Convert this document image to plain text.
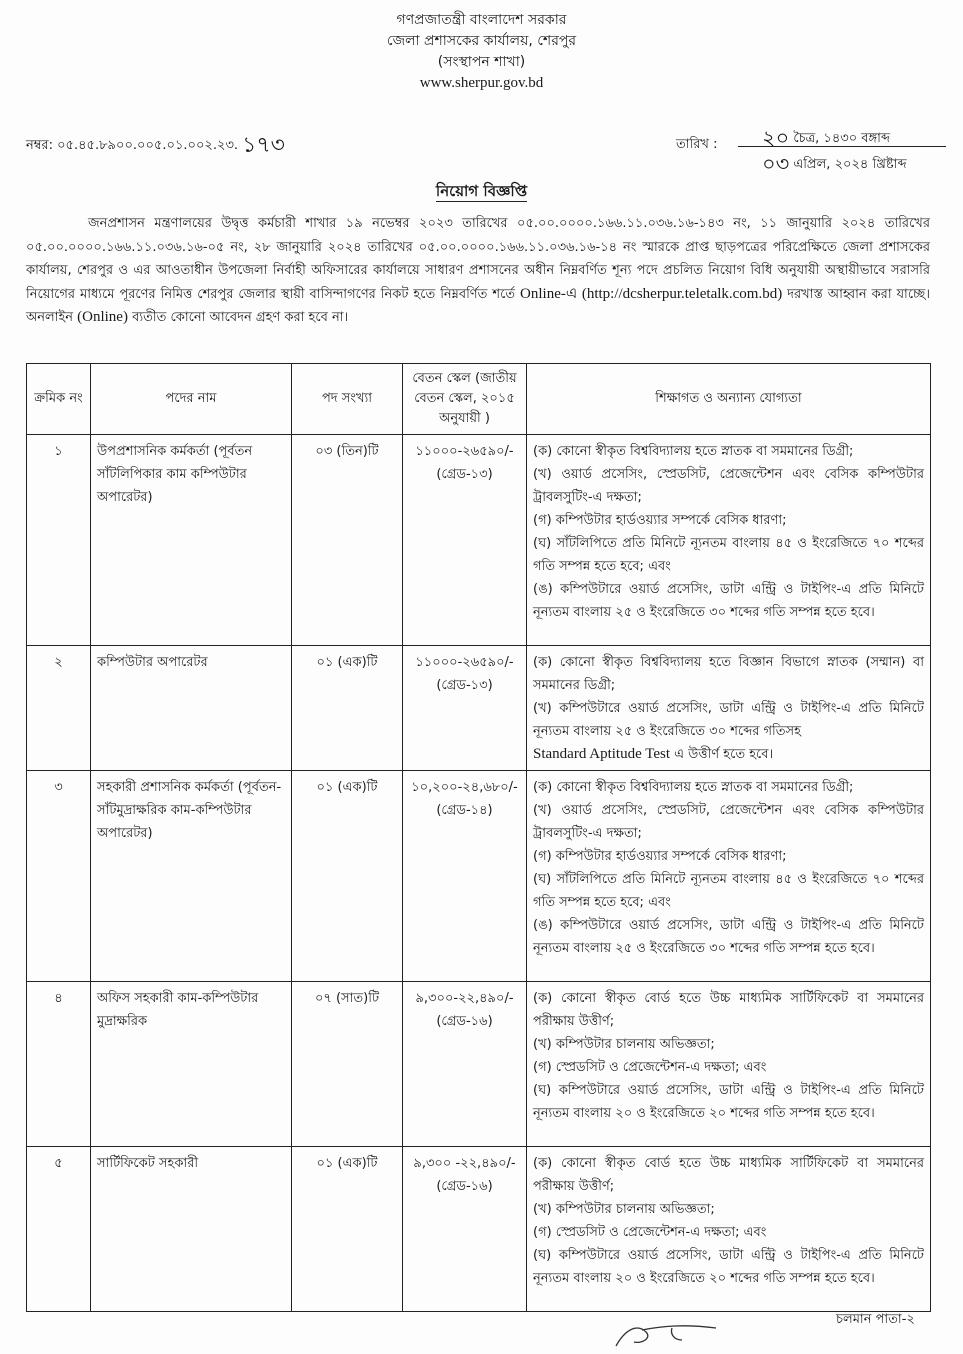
গণপ্রজাতন্ত্রী বাংলাদেশ সরকার
জেলা প্রশাসকের কার্যালয়, শেরপুর
(সংস্থাপন শাখা)
www.sherpur.gov.bd
নম্বর: ০৫.৪৫.৮৯০০.০০৫.০১.০০২.২৩. ১৭৩	তারিখ : ২০ চৈত্র, ১৪৩০ বঙ্গাব্দ
০৩ এপ্রিল, ২০২৪ খ্রিষ্টাব্দ
নিয়োগ বিজ্ঞপ্তি
জনপ্রশাসন মন্ত্রণালয়ের উদ্বৃত্ত কর্মচারী শাখার ১৯ নভেম্বর ২০২৩ তারিখের ০৫.০০.০০০০.১৬৬.১১.০৩৬.১৬-১৪৩ নং, ১১ জানুয়ারি ২০২৪ তারিখের ০৫.০০.০০০০.১৬৬.১১.০৩৬.১৬-০৫ নং, ২৮ জানুয়ারি ২০২৪ তারিখের ০৫.০০.০০০০.১৬৬.১১.০৩৬.১৬-১৪ নং স্মারকে প্রাপ্ত ছাড়পত্রের পরিপ্রেক্ষিতে জেলা প্রশাসকের কার্যালয়, শেরপুর ও এর আওতাধীন উপজেলা নির্বাহী অফিসারের কার্যালয়ে সাধারণ প্রশাসনের অধীন নিম্নবর্ণিত শূন্য পদে প্রচলিত নিয়োগ বিধি অনুযায়ী অস্থায়ীভাবে সরাসরি নিয়োগের মাধ্যমে পূরণের নিমিত্ত শেরপুর জেলার স্থায়ী বাসিন্দাগণের নিকট হতে নিম্নবর্ণিত শর্তে Online-এ (http://dcsherpur.teletalk.com.bd) দরখাস্ত আহ্বান করা যাচ্ছে। অনলাইন (Online) ব্যতীত কোনো আবেদন গ্রহণ করা হবে না।
ক্রমিক নং	পদের নাম	পদ সংখ্যা	বেতন স্কেল (জাতীয় বেতন স্কেল, ২০১৫ অনুযায়ী )	শিক্ষাগত ও অন্যান্য যোগ্যতা
১	উপপ্রশাসনিক কর্মকর্তা (পূর্বতন সাঁটলিপিকার কাম কম্পিউটার অপারেটর)	০৩ (তিন)টি	১১০০০-২৬৫৯০/-
(গ্রেড-১৩)	(ক) কোনো স্বীকৃত বিশ্ববিদ্যালয় হতে স্নাতক বা সমমানের ডিগ্রী;
(খ) ওয়ার্ড প্রসেসিং, স্প্রেডসিট, প্রেজেন্টেশন এবং বেসিক কম্পিউটার ট্রাবলসুটিং-এ দক্ষতা;
(গ) কম্পিউটার হার্ডওয়্যার সম্পর্কে বেসিক ধারণা;
(ঘ) সাঁটলিপিতে প্রতি মিনিটে ন্যূনতম বাংলায় ৪৫ ও ইংরেজিতে ৭০ শব্দের গতি সম্পন্ন হতে হবে; এবং
(ঙ) কম্পিউটারে ওয়ার্ড প্রসেসিং, ডাটা এন্ট্রি ও টাইপিং-এ প্রতি মিনিটে নূন্যতম বাংলায় ২৫ ও ইংরেজিতে ৩০ শব্দের গতি সম্পন্ন হতে হবে।

২	কম্পিউটার অপারেটর	০১ (এক)টি	১১০০০-২৬৫৯০/-
(গ্রেড-১৩)	(ক) কোনো স্বীকৃত বিশ্ববিদ্যালয় হতে বিজ্ঞান বিভাগে স্নাতক (সম্মান) বা সমমানের ডিগ্রী;
(খ) কম্পিউটারে ওয়ার্ড প্রসেসিং, ডাটা এন্ট্রি ও টাইপিং-এ প্রতি মিনিটে নূন্যতম বাংলায় ২৫ ও ইংরেজিতে ৩০ শব্দের গতিসহ
Standard Aptitude Test এ উত্তীর্ণ হতে হবে।

৩	সহকারী প্রশাসনিক কর্মকর্তা (পূর্বতন-সাঁটমুদ্রাক্ষরিক কাম-কম্পিউটার অপারেটর)	০১ (এক)টি	১০,২০০-২৪,৬৮০/-
(গ্রেড-১৪)	(ক) কোনো স্বীকৃত বিশ্ববিদ্যালয় হতে স্নাতক বা সমমানের ডিগ্রী;
(খ) ওয়ার্ড প্রসেসিং, স্প্রেডসিট, প্রেজেন্টেশন এবং বেসিক কম্পিউটার ট্রাবলসুটিং-এ দক্ষতা;
(গ) কম্পিউটার হার্ডওয়্যার সম্পর্কে বেসিক ধারণা;
(ঘ) সাঁটলিপিতে প্রতি মিনিটে ন্যূনতম বাংলায় ৪৫ ও ইংরেজিতে ৭০ শব্দের গতি সম্পন্ন হতে হবে; এবং
(ঙ) কম্পিউটারে ওয়ার্ড প্রসেসিং, ডাটা এন্ট্রি ও টাইপিং-এ প্রতি মিনিটে নূন্যতম বাংলায় ২৫ ও ইংরেজিতে ৩০ শব্দের গতি সম্পন্ন হতে হবে।

৪	অফিস সহকারী কাম-কম্পিউটার মুদ্রাক্ষরিক	০৭ (সাত)টি	৯,৩০০-২২,৪৯০/-
(গ্রেড-১৬)	(ক) কোনো স্বীকৃত বোর্ড হতে উচ্চ মাধ্যমিক সার্টিফিকেট বা সমমানের পরীক্ষায় উত্তীর্ণ;
(খ) কম্পিউটার চালনায় অভিজ্ঞতা;
(গ) স্প্রেডসিট ও প্রেজেন্টেশন-এ দক্ষতা; এবং
(ঘ) কম্পিউটারে ওয়ার্ড প্রসেসিং, ডাটা এন্ট্রি ও টাইপিং-এ প্রতি মিনিটে নূন্যতম বাংলায় ২০ ও ইংরেজিতে ২০ শব্দের গতি সম্পন্ন হতে হবে।

৫	সার্টিফিকেট সহকারী	০১ (এক)টি	৯,৩০০ -২২,৪৯০/-
(গ্রেড-১৬)	(ক) কোনো স্বীকৃত বোর্ড হতে উচ্চ মাধ্যমিক সার্টিফিকেট বা সমমানের পরীক্ষায় উত্তীর্ণ;
(খ) কম্পিউটার চালনায় অভিজ্ঞতা;
(গ) স্প্রেডসিট ও প্রেজেন্টেশন-এ দক্ষতা; এবং
(ঘ) কম্পিউটারে ওয়ার্ড প্রসেসিং, ডাটা এন্ট্রি ও টাইপিং-এ প্রতি মিনিটে নূন্যতম বাংলায় ২০ ও ইংরেজিতে ২০ শব্দের গতি সম্পন্ন হতে হবে।
চলমান পাতা-২
